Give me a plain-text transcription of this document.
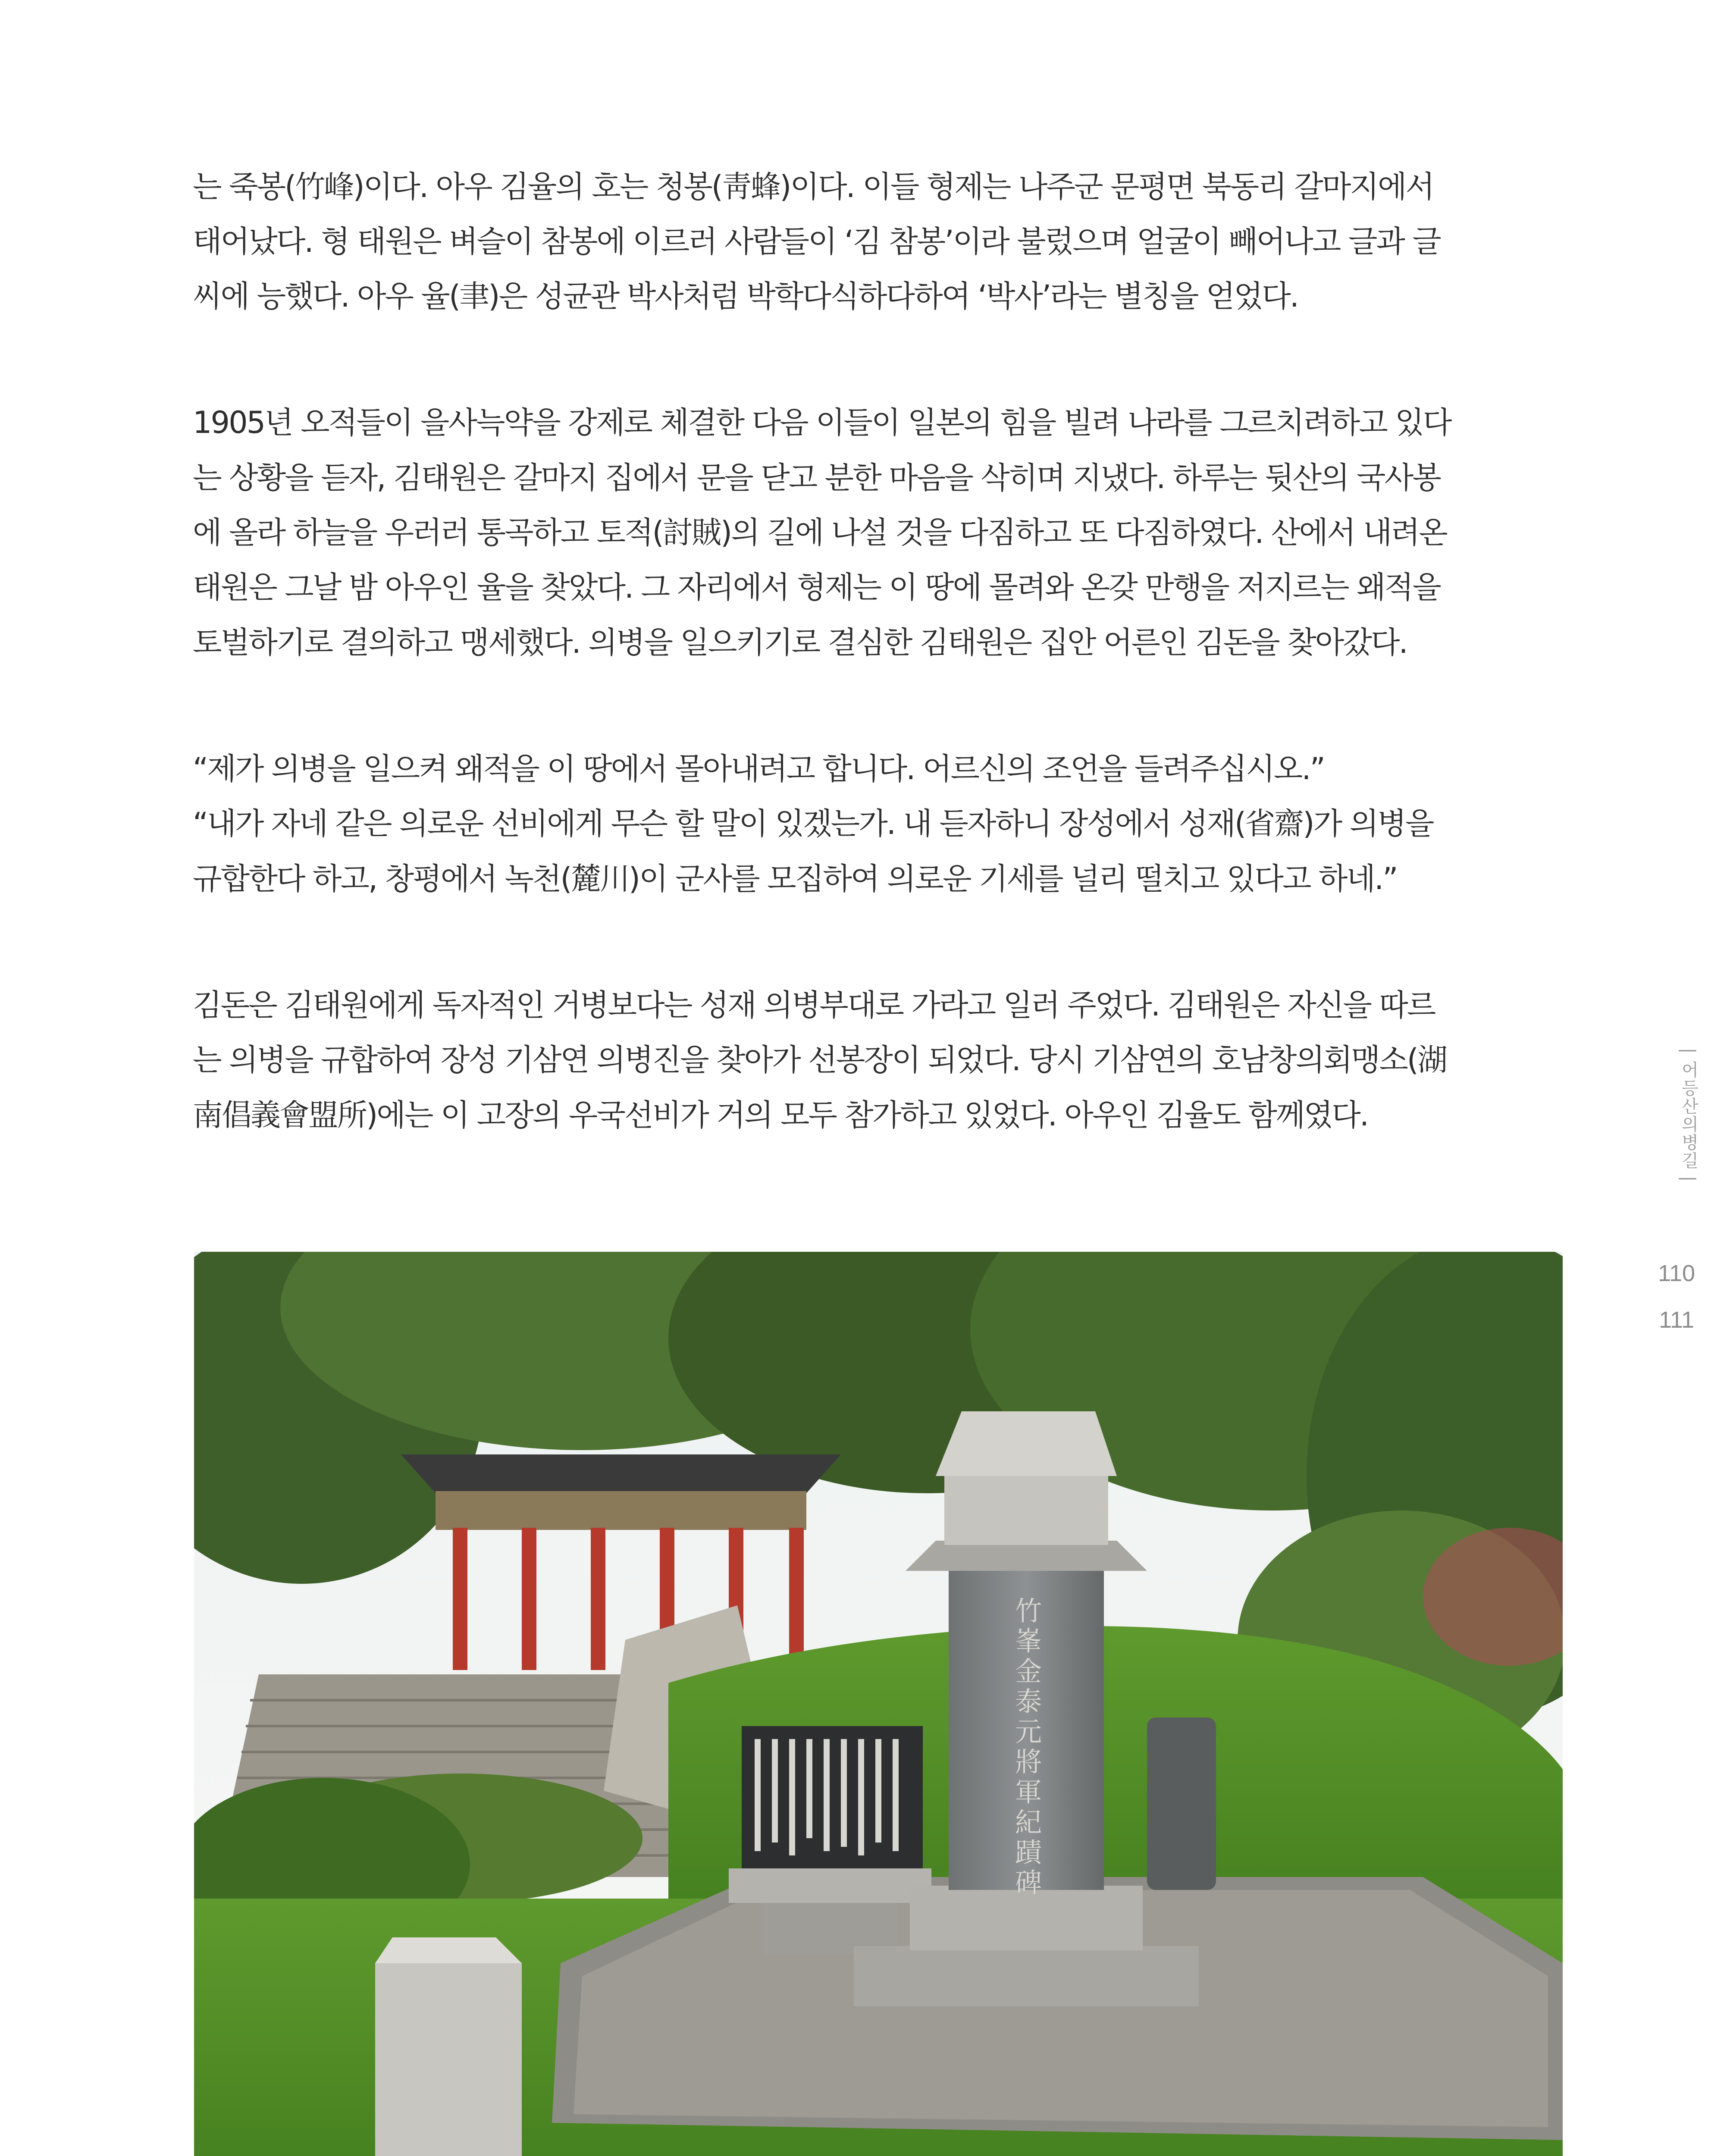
는 죽봉(竹峰)이다. 아우 김율의 호는 청봉(靑蜂)이다. 이들 형제는 나주군 문평면 북동리 갈마지에서
태어났다. 형 태원은 벼슬이 참봉에 이르러 사람들이 ‘김 참봉’이라 불렀으며 얼굴이 빼어나고 글과 글
씨에 능했다. 아우 율(聿)은 성균관 박사처럼 박학다식하다하여 ‘박사’라는 별칭을 얻었다.
1905년 오적들이 을사늑약을 강제로 체결한 다음 이들이 일본의 힘을 빌려 나라를 그르치려하고 있다
는 상황을 듣자, 김태원은 갈마지 집에서 문을 닫고 분한 마음을 삭히며 지냈다. 하루는 뒷산의 국사봉
에 올라 하늘을 우러러 통곡하고 토적(討賊)의 길에 나설 것을 다짐하고 또 다짐하였다. 산에서 내려온
태원은 그날 밤 아우인 율을 찾았다. 그 자리에서 형제는 이 땅에 몰려와 온갖 만행을 저지르는 왜적을
토벌하기로 결의하고 맹세했다. 의병을 일으키기로 결심한 김태원은 집안 어른인 김돈을 찾아갔다.
“제가 의병을 일으켜 왜적을 이 땅에서 몰아내려고 합니다. 어르신의 조언을 들려주십시오.”
“내가 자네 같은 의로운 선비에게 무슨 할 말이 있겠는가. 내 듣자하니 장성에서 성재(省齋)가 의병을
규합한다 하고, 창평에서 녹천(麓川)이 군사를 모집하여 의로운 기세를 널리 떨치고 있다고 하네.”
김돈은 김태원에게 독자적인 거병보다는 성재 의병부대로 가라고 일러 주었다. 김태원은 자신을 따르
는 의병을 규합하여 장성 기삼연 의병진을 찾아가 선봉장이 되었다. 당시 기삼연의 호남창의회맹소(湖
南倡義會盟所)에는 이 고장의 우국선비가 거의 모두 참가하고 있었다. 아우인 김율도 함께였다.	| 어등산의병길 |
110
111
竹峯金泰元將軍紀蹟碑
